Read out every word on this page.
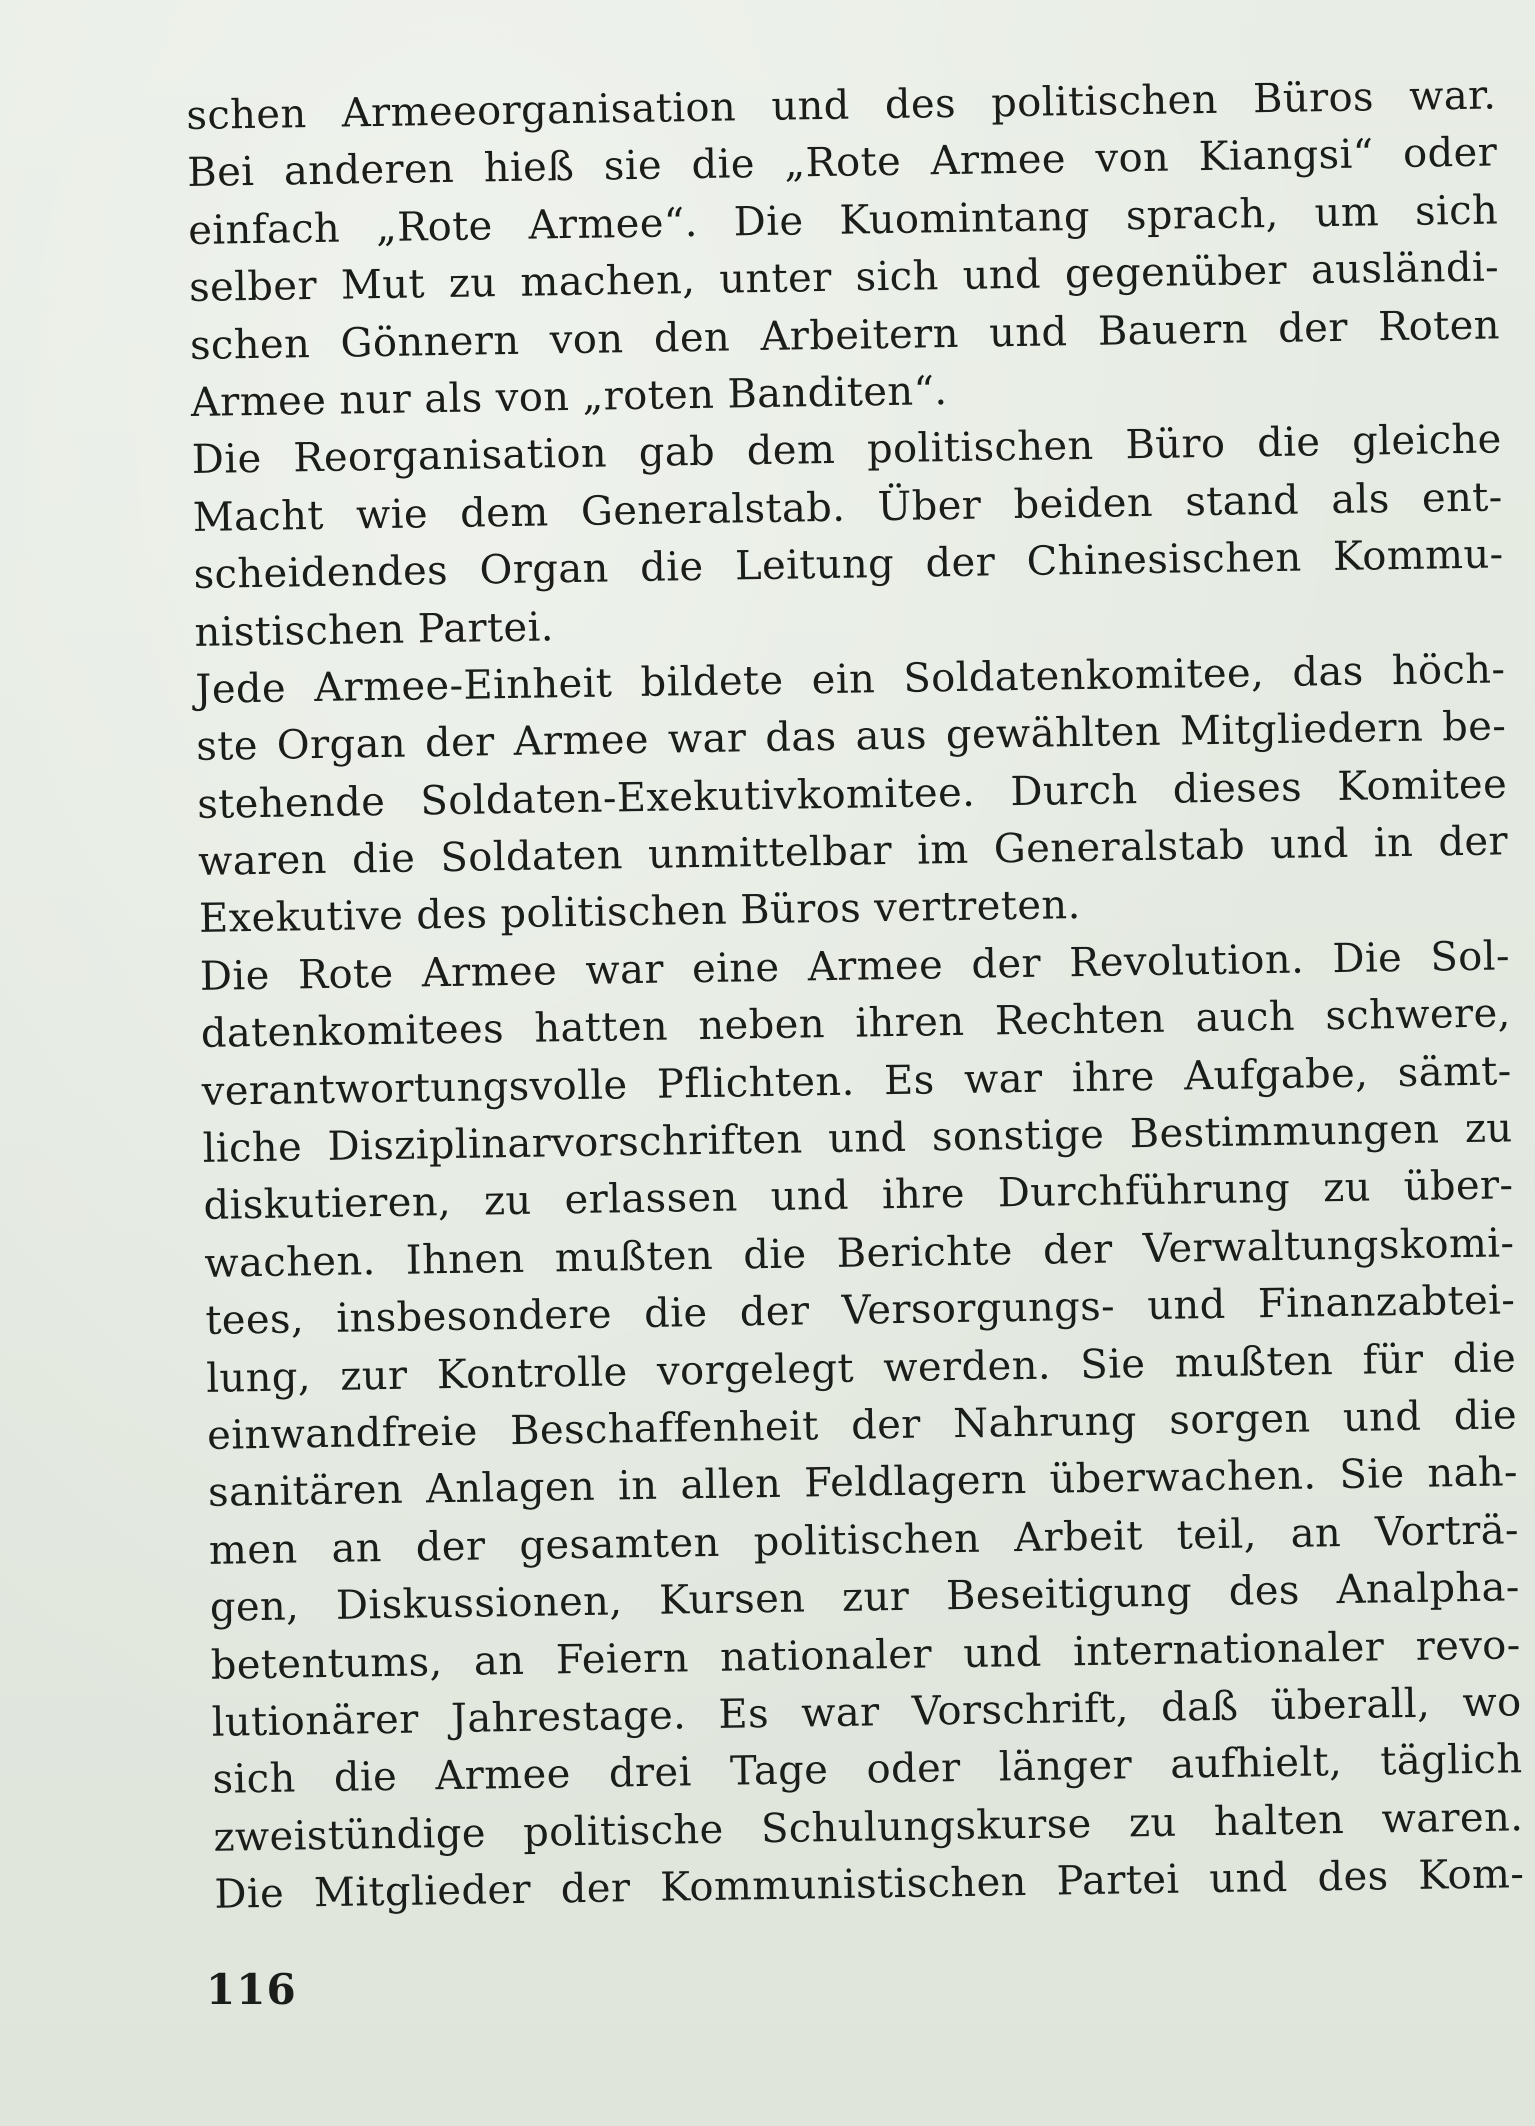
schen Armeeorganisation und des politischen Büros war.
Bei anderen hieß sie die „Rote Armee von Kiangsi“ oder
einfach „Rote Armee“. Die Kuomintang sprach, um sich
selber Mut zu machen, unter sich und gegenüber ausländi-
schen Gönnern von den Arbeitern und Bauern der Roten
Armee nur als von „roten Banditen“.
Die Reorganisation gab dem politischen Büro die gleiche
Macht wie dem Generalstab. Über beiden stand als ent-
scheidendes Organ die Leitung der Chinesischen Kommu-
nistischen Partei.
Jede Armee-Einheit bildete ein Soldatenkomitee, das höch-
ste Organ der Armee war das aus gewählten Mitgliedern be-
stehende Soldaten-Exekutivkomitee. Durch dieses Komitee
waren die Soldaten unmittelbar im Generalstab und in der
Exekutive des politischen Büros vertreten.
Die Rote Armee war eine Armee der Revolution. Die Sol-
datenkomitees hatten neben ihren Rechten auch schwere,
verantwortungsvolle Pflichten. Es war ihre Aufgabe, sämt-
liche Disziplinarvorschriften und sonstige Bestimmungen zu
diskutieren, zu erlassen und ihre Durchführung zu über-
wachen. Ihnen mußten die Berichte der Verwaltungskomi-
tees, insbesondere die der Versorgungs- und Finanzabtei-
lung, zur Kontrolle vorgelegt werden. Sie mußten für die
einwandfreie Beschaffenheit der Nahrung sorgen und die
sanitären Anlagen in allen Feldlagern überwachen. Sie nah-
men an der gesamten politischen Arbeit teil, an Vorträ-
gen, Diskussionen, Kursen zur Beseitigung des Analpha-
betentums, an Feiern nationaler und internationaler revo-
lutionärer Jahrestage. Es war Vorschrift, daß überall, wo
sich die Armee drei Tage oder länger aufhielt, täglich
zweistündige politische Schulungskurse zu halten waren.
Die Mitglieder der Kommunistischen Partei und des Kom-
116
